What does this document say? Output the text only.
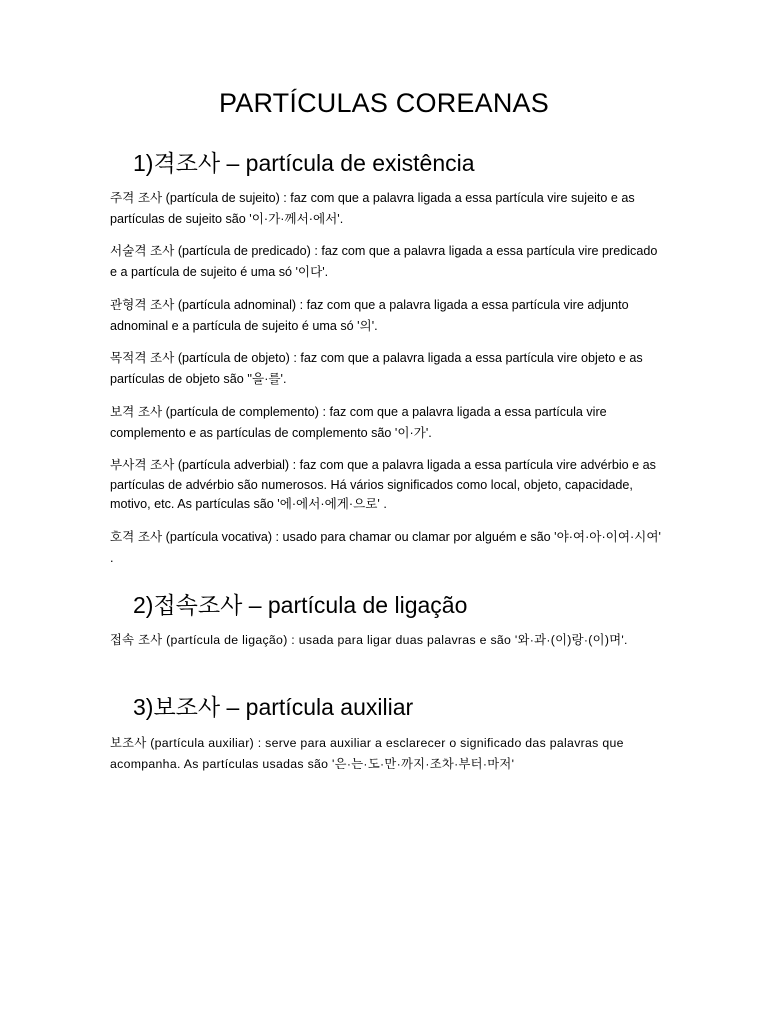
PARTÍCULAS COREANAS
1)격조사 – partícula de existência

주격 조사 (partícula de sujeito) : faz com que a palavra ligada a essa partícula vire sujeito e as partículas de sujeito são '이·가·께서·에서'.

서술격 조사 (partícula de predicado) : faz com que a palavra ligada a essa partícula vire predicado e a partícula de sujeito é uma só '이다'.

관형격 조사 (partícula adnominal) : faz com que a palavra ligada a essa partícula vire adjunto adnominal e a partícula de sujeito é uma só '의'.

목적격 조사 (partícula de objeto) : faz com que a palavra ligada a essa partícula vire objeto e as partículas de objeto são ''을·를'.

보격 조사 (partícula de complemento) : faz com que a palavra ligada a essa partícula vire complemento e as partículas de complemento são '이·가'.

부사격 조사 (partícula adverbial) : faz com que a palavra ligada a essa partícula vire advérbio e as partículas de advérbio são numerosos. Há vários significados como local, objeto, capacidade, motivo, etc. As partículas são '에·에서·에게·으로' .

호격 조사 (partícula vocativa) : usado para chamar ou clamar por alguém e são '야·여·아·이여·시여' .

2)접속조사 – partícula de ligação

접속 조사 (partícula de ligação) : usada para ligar duas palavras e são '와·과·(이)랑·(이)며'.

3)보조사 – partícula auxiliar

보조사 (partícula auxiliar) : serve para auxiliar a esclarecer o significado das palavras que acompanha. As partículas usadas são '은·는·도·만·까지·조차·부터·마저'
